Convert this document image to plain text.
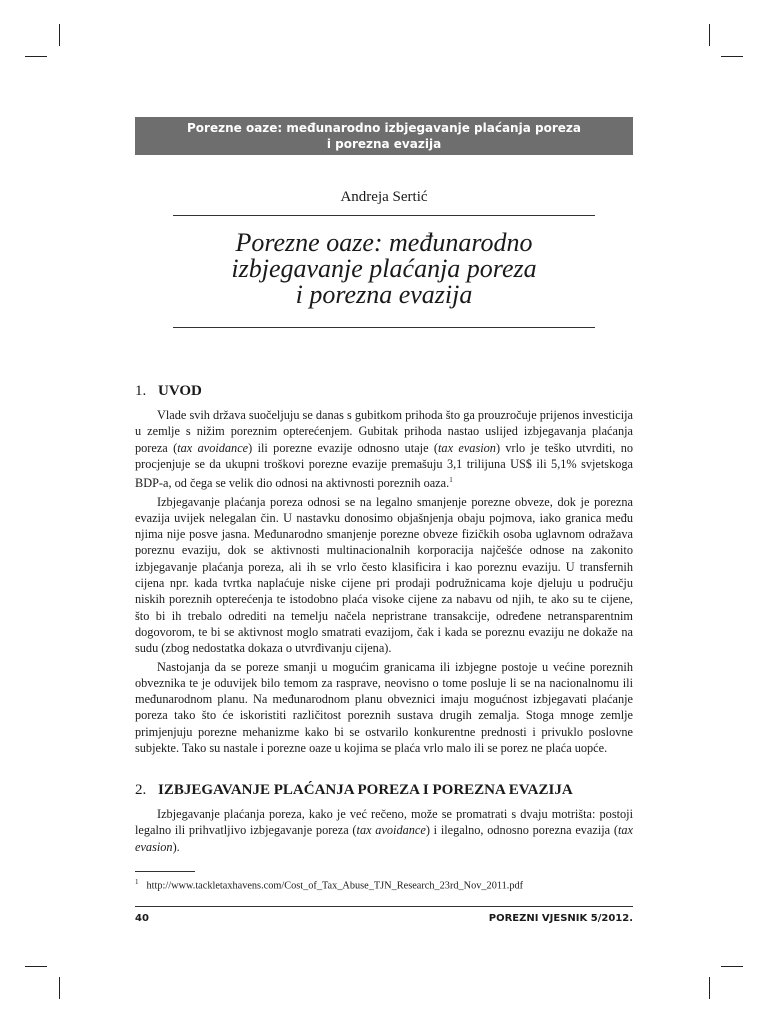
Porezne oaze: međunarodno izbjegavanje plaćanja poreza
i porezna evazija
Andreja Sertić
Porezne oaze: međunarodno
izbjegavanje plaćanja poreza
i porezna evazija
1. UVOD

Vlade svih država suočeljuju se danas s gubitkom prihoda što ga prouzročuje prijenos investicija u zemlje s nižim poreznim opterećenjem. Gubitak prihoda nastao uslijed izbjegavanja plaćanja poreza (tax avoidance) ili porezne evazije odnosno utaje (tax evasion) vrlo je teško utvrditi, no procjenjuje se da ukupni troškovi porezne evazije premašuju 3,1 trilijuna US$ ili 5,1% svjetskoga BDP-a, od čega se velik dio odnosi na aktivnosti poreznih oaza.$^1$

Izbjegavanje plaćanja poreza odnosi se na legalno smanjenje porezne obveze, dok je porezna evazija uvijek nelegalan čin. U nastavku donosimo objašnjenja obaju pojmova, iako granica među njima nije posve jasna. Međunarodno smanjenje porezne obveze fizičkih osoba uglavnom odražava poreznu evaziju, dok se aktivnosti multinacionalnih korporacija najčešće odnose na zakonito izbjegavanje plaćanja poreza, ali ih se vrlo često klasificira i kao poreznu evaziju. U transfernih cijena npr. kada tvrtka naplaćuje niske cijene pri prodaji podružnicama koje djeluju u području niskih poreznih opterećenja te istodobno plaća visoke cijene za nabavu od njih, te ako su te cijene, što bi ih trebalo odrediti na temelju načela nepristrane transakcije, određene netransparentnim dogovorom, te bi se aktivnost moglo smatrati evazijom, čak i kada se poreznu evaziju ne dokaže na sudu (zbog nedostatka dokaza o utvrđivanju cijena).

Nastojanja da se poreze smanji u mogućim granicama ili izbjegne postoje u većine poreznih obveznika te je oduvijek bilo temom za rasprave, neovisno o tome posluje li se na nacionalnomu ili međunarodnom planu. Na međunarodnom planu obveznici imaju mogućnost izbjegavati plaćanje poreza tako što će iskoristiti različitost poreznih sustava drugih zemalja. Stoga mnoge zemlje primjenjuju porezne mehanizme kako bi se ostvarilo konkurentne prednosti i privuklo poslovne subjekte. Tako su nastale i porezne oaze u kojima se plaća vrlo malo ili se porez ne plaća uopće.

2. IZBJEGAVANJE PLAĆANJA POREZA I POREZNA EVAZIJA

Izbjegavanje plaćanja poreza, kako je već rečeno, može se promatrati s dvaju motrišta: postoji legalno ili prihvatljivo izbjegavanje poreza (tax avoidance) i ilegalno, odnosno porezna evazija (tax evasion).

$^1$ http://www.tackletaxhavens.com/Cost_of_Tax_Abuse_TJN_Research_23rd_Nov_2011.pdf
40	POREZNI VJESNIK 5/2012.
